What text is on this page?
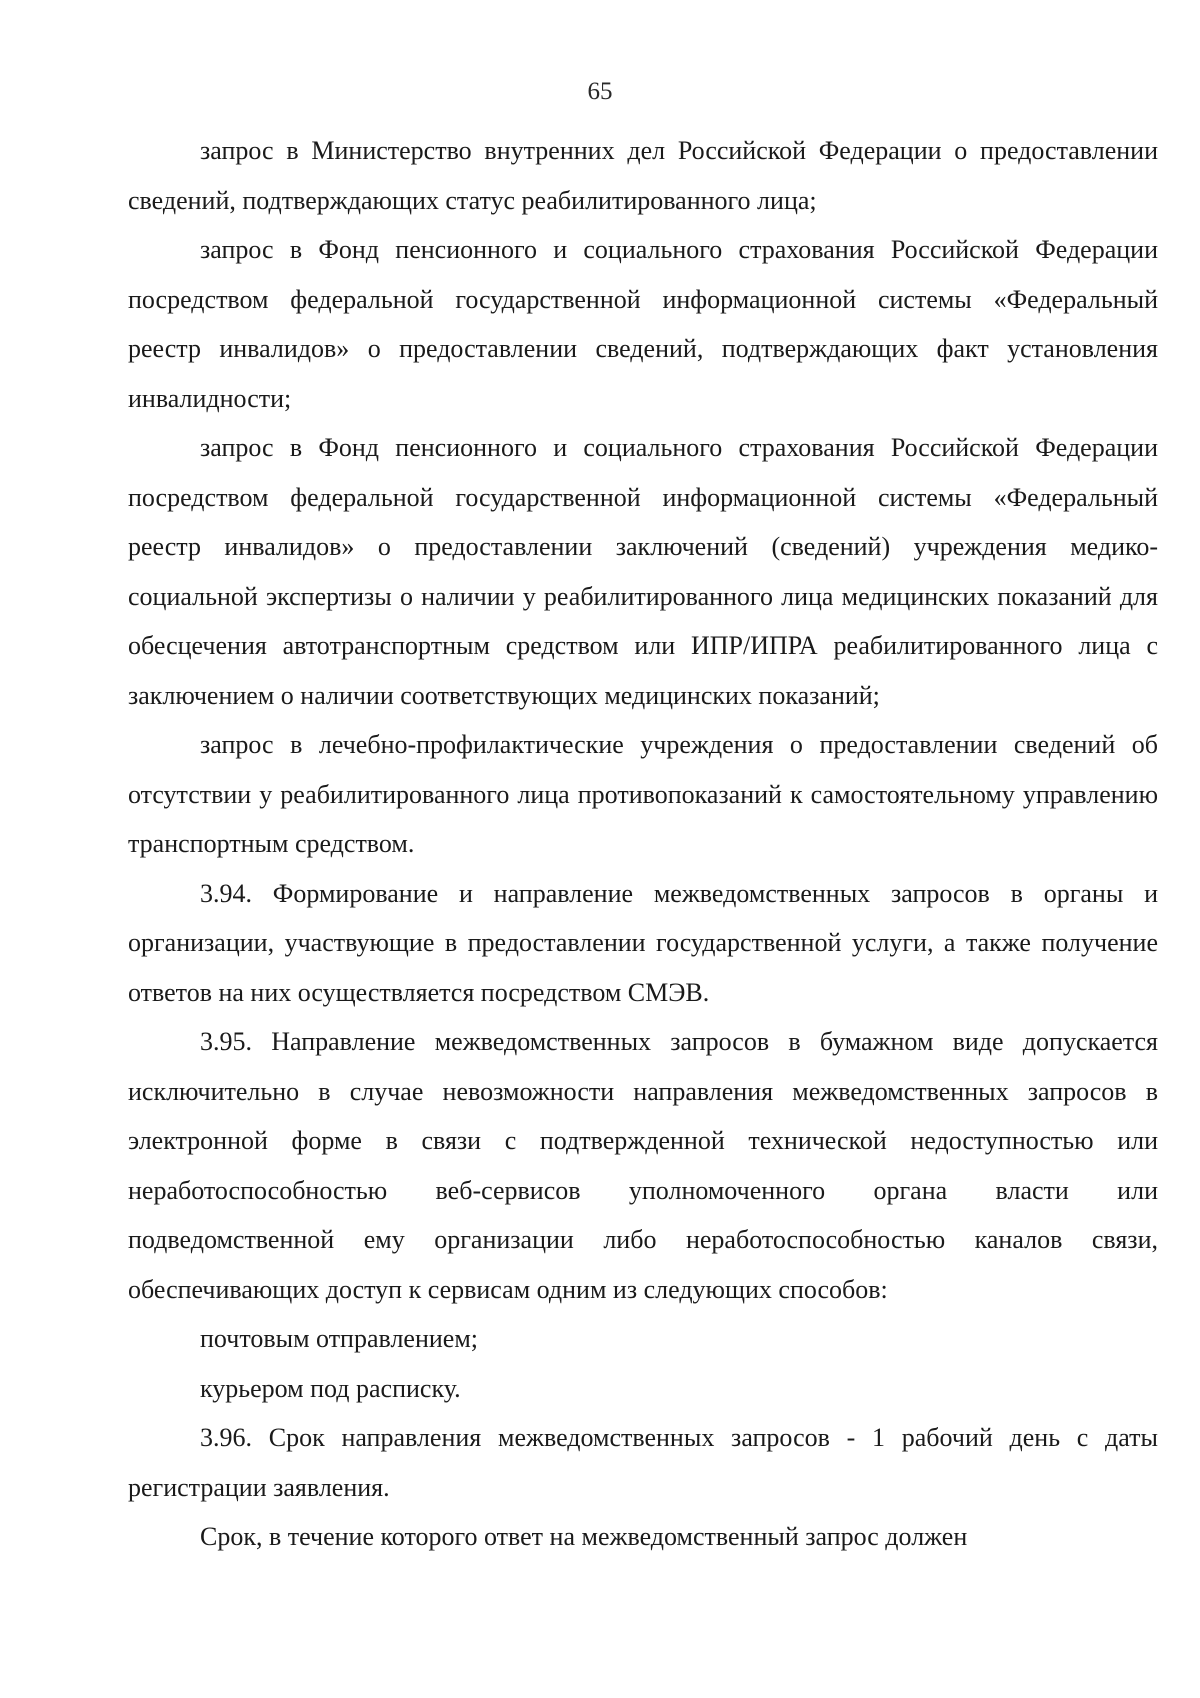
65

запрос в Министерство внутренних дел Российской Федерации о предоставлении сведений, подтверждающих статус реабилитированного лица;

запрос в Фонд пенсионного и социального страхования Российской Федерации посредством федеральной государственной информационной системы «Федеральный реестр инвалидов» о предоставлении сведений, подтверждающих факт установления инвалидности;

запрос в Фонд пенсионного и социального страхования Российской Федерации посредством федеральной государственной информационной системы «Федеральный реестр инвалидов» о предоставлении заключений (сведений) учреждения медико-социальной экспертизы о наличии у реабилитированного лица медицинских показаний для обесцечения автотранспортным средством или ИПР/ИПРА реабилитированного лица с заключением о наличии соответствующих медицинских показаний;

запрос в лечебно-профилактические учреждения о предоставлении сведений об отсутствии у реабилитированного лица противопоказаний к самостоятельному управлению транспортным средством.

3.94. Формирование и направление межведомственных запросов в органы и организации, участвующие в предоставлении государственной услуги, а также получение ответов на них осуществляется посредством СМЭВ.

3.95. Направление межведомственных запросов в бумажном виде допускается исключительно в случае невозможности направления межведомственных запросов в электронной форме в связи с подтвержденной технической недоступностью или неработоспособностью веб-сервисов уполномоченного органа власти или подведомственной ему организации либо неработоспособностью каналов связи, обеспечивающих доступ к сервисам одним из следующих способов:

почтовым отправлением;

курьером под расписку.

3.96. Срок направления межведомственных запросов - 1 рабочий день с даты регистрации заявления.

Срок, в течение которого ответ на межведомственный запрос должен
